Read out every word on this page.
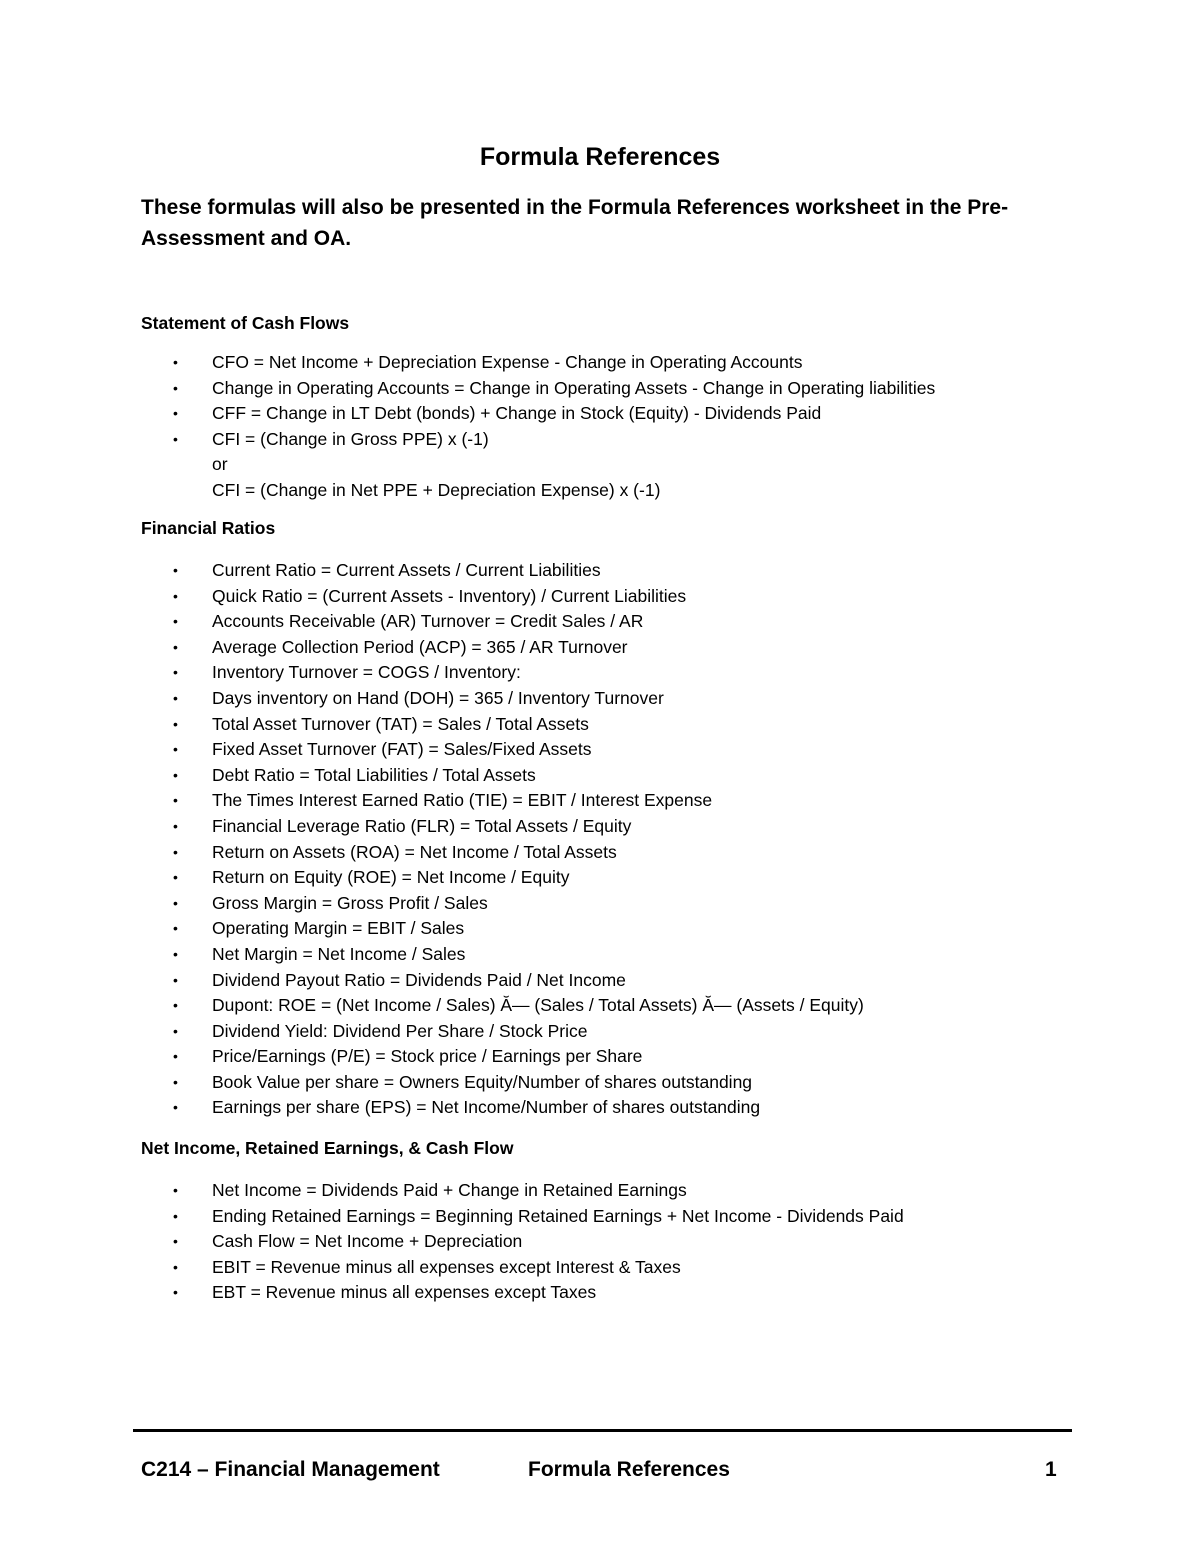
Formula References
These formulas will also be presented in the Formula References worksheet in the Pre-Assessment and OA.
Statement of Cash Flows
• CFO = Net Income + Depreciation Expense - Change in Operating Accounts
• Change in Operating Accounts = Change in Operating Assets - Change in Operating liabilities
• CFF = Change in LT Debt (bonds) + Change in Stock (Equity) - Dividends Paid
• CFI = (Change in Gross PPE) x (-1)
or
CFI = (Change in Net PPE + Depreciation Expense) x (-1)
Financial Ratios
• Current Ratio = Current Assets / Current Liabilities
• Quick Ratio = (Current Assets - Inventory) / Current Liabilities
• Accounts Receivable (AR) Turnover = Credit Sales / AR
• Average Collection Period (ACP) = 365 / AR Turnover
• Inventory Turnover = COGS / Inventory:
• Days inventory on Hand (DOH) = 365 / Inventory Turnover
• Total Asset Turnover (TAT) = Sales / Total Assets
• Fixed Asset Turnover (FAT) = Sales/Fixed Assets
• Debt Ratio = Total Liabilities / Total Assets
• The Times Interest Earned Ratio (TIE) = EBIT / Interest Expense
• Financial Leverage Ratio (FLR) = Total Assets / Equity
• Return on Assets (ROA) = Net Income / Total Assets
• Return on Equity (ROE) = Net Income / Equity
• Gross Margin = Gross Profit / Sales
• Operating Margin = EBIT / Sales
• Net Margin = Net Income / Sales
• Dividend Payout Ratio = Dividends Paid / Net Income
• Dupont: ROE = (Net Income / Sales) Ă— (Sales / Total Assets) Ă— (Assets / Equity)
• Dividend Yield: Dividend Per Share / Stock Price
• Price/Earnings (P/E) = Stock price / Earnings per Share
• Book Value per share = Owners Equity/Number of shares outstanding
• Earnings per share (EPS) = Net Income/Number of shares outstanding
Net Income, Retained Earnings, & Cash Flow
• Net Income = Dividends Paid + Change in Retained Earnings
• Ending Retained Earnings = Beginning Retained Earnings + Net Income - Dividends Paid
• Cash Flow = Net Income + Depreciation
• EBIT = Revenue minus all expenses except Interest & Taxes
• EBT = Revenue minus all expenses except Taxes
C214 – Financial Management	Formula References	1
